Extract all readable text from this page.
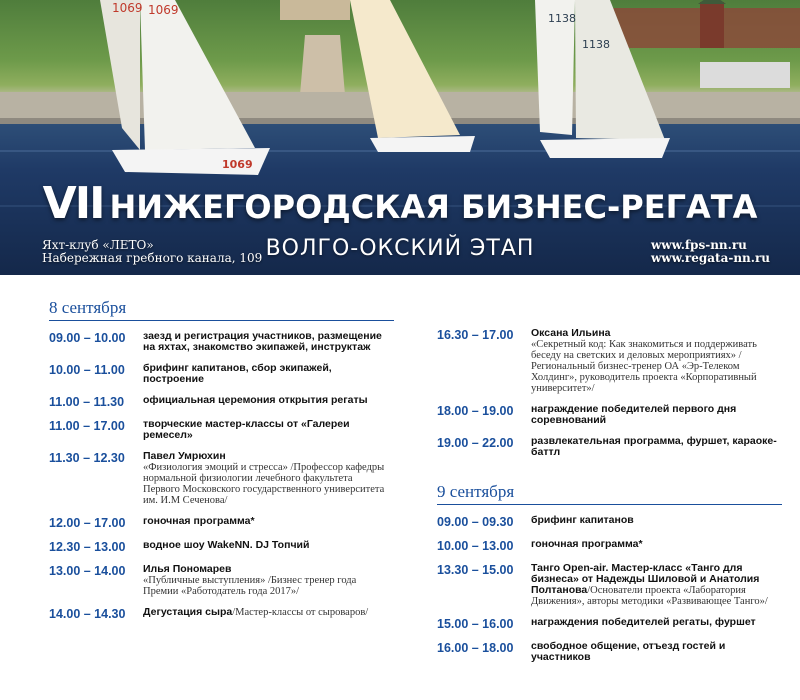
1069
1069
1069
1138
1138
VII НИЖЕГОРОДСКАЯ БИЗНЕС-РЕГАТА
ВОЛГО-ОКСКИЙ ЭТАП
Яхт-клуб «ЛЕТО»
Набережная гребного канала, 109
www.fps-nn.ru
www.regata-nn.ru
8 сентября
09.00 – 10.00	заезд и регистрация участников, размещение на яхтах, знакомство экипажей, инструктаж
10.00 – 11.00	брифинг капитанов, сбор экипажей, построение
11.00 – 11.30	официальная церемония открытия регаты
11.00 – 17.00	творческие мастер-классы от «Галереи ремесел»
11.30 – 12.30	Павел Умрюхин
«Физиология эмоций и стресса» /Профессор кафедры нормальной физиологии лечебного факультета Первого Московского государственного университета им. И.М Сеченова/
12.00 – 17.00	гоночная программа*
12.30 – 13.00	водное шоу WakeNN. DJ Топчий
13.00 – 14.00	Илья Пономарев
«Публичные выступления» /Бизнес тренер года Премии «Работодатель года 2017»/
14.00 – 14.30	Дегустация сыра/Мастер-классы от сыроваров/
16.30 – 17.00	Оксана Ильина
«Секретный код: Как знакомиться и поддерживать беседу на светских и деловых мероприятиях» /Региональный бизнес-тренер ОА «Эр-Телеком Холдинг», руководитель проекта «Корпоративный университет»/
18.00 – 19.00	награждение победителей первого дня соревнований
19.00 – 22.00	развлекательная программа, фуршет, караоке-баттл
9 сентября
09.00 – 09.30	брифинг капитанов
10.00 – 13.00	гоночная программа*
13.30 – 15.00	Танго Open-air. Мастер-класс «Танго для бизнеса» от Надежды Шиловой и Анатолия Полтанова/Основатели проекта «Лаборатория Движения», авторы методики «Развивающее Танго»/
15.00 – 16.00	награждения победителей регаты, фуршет
16.00 – 18.00	свободное общение, отъезд гостей и участников
